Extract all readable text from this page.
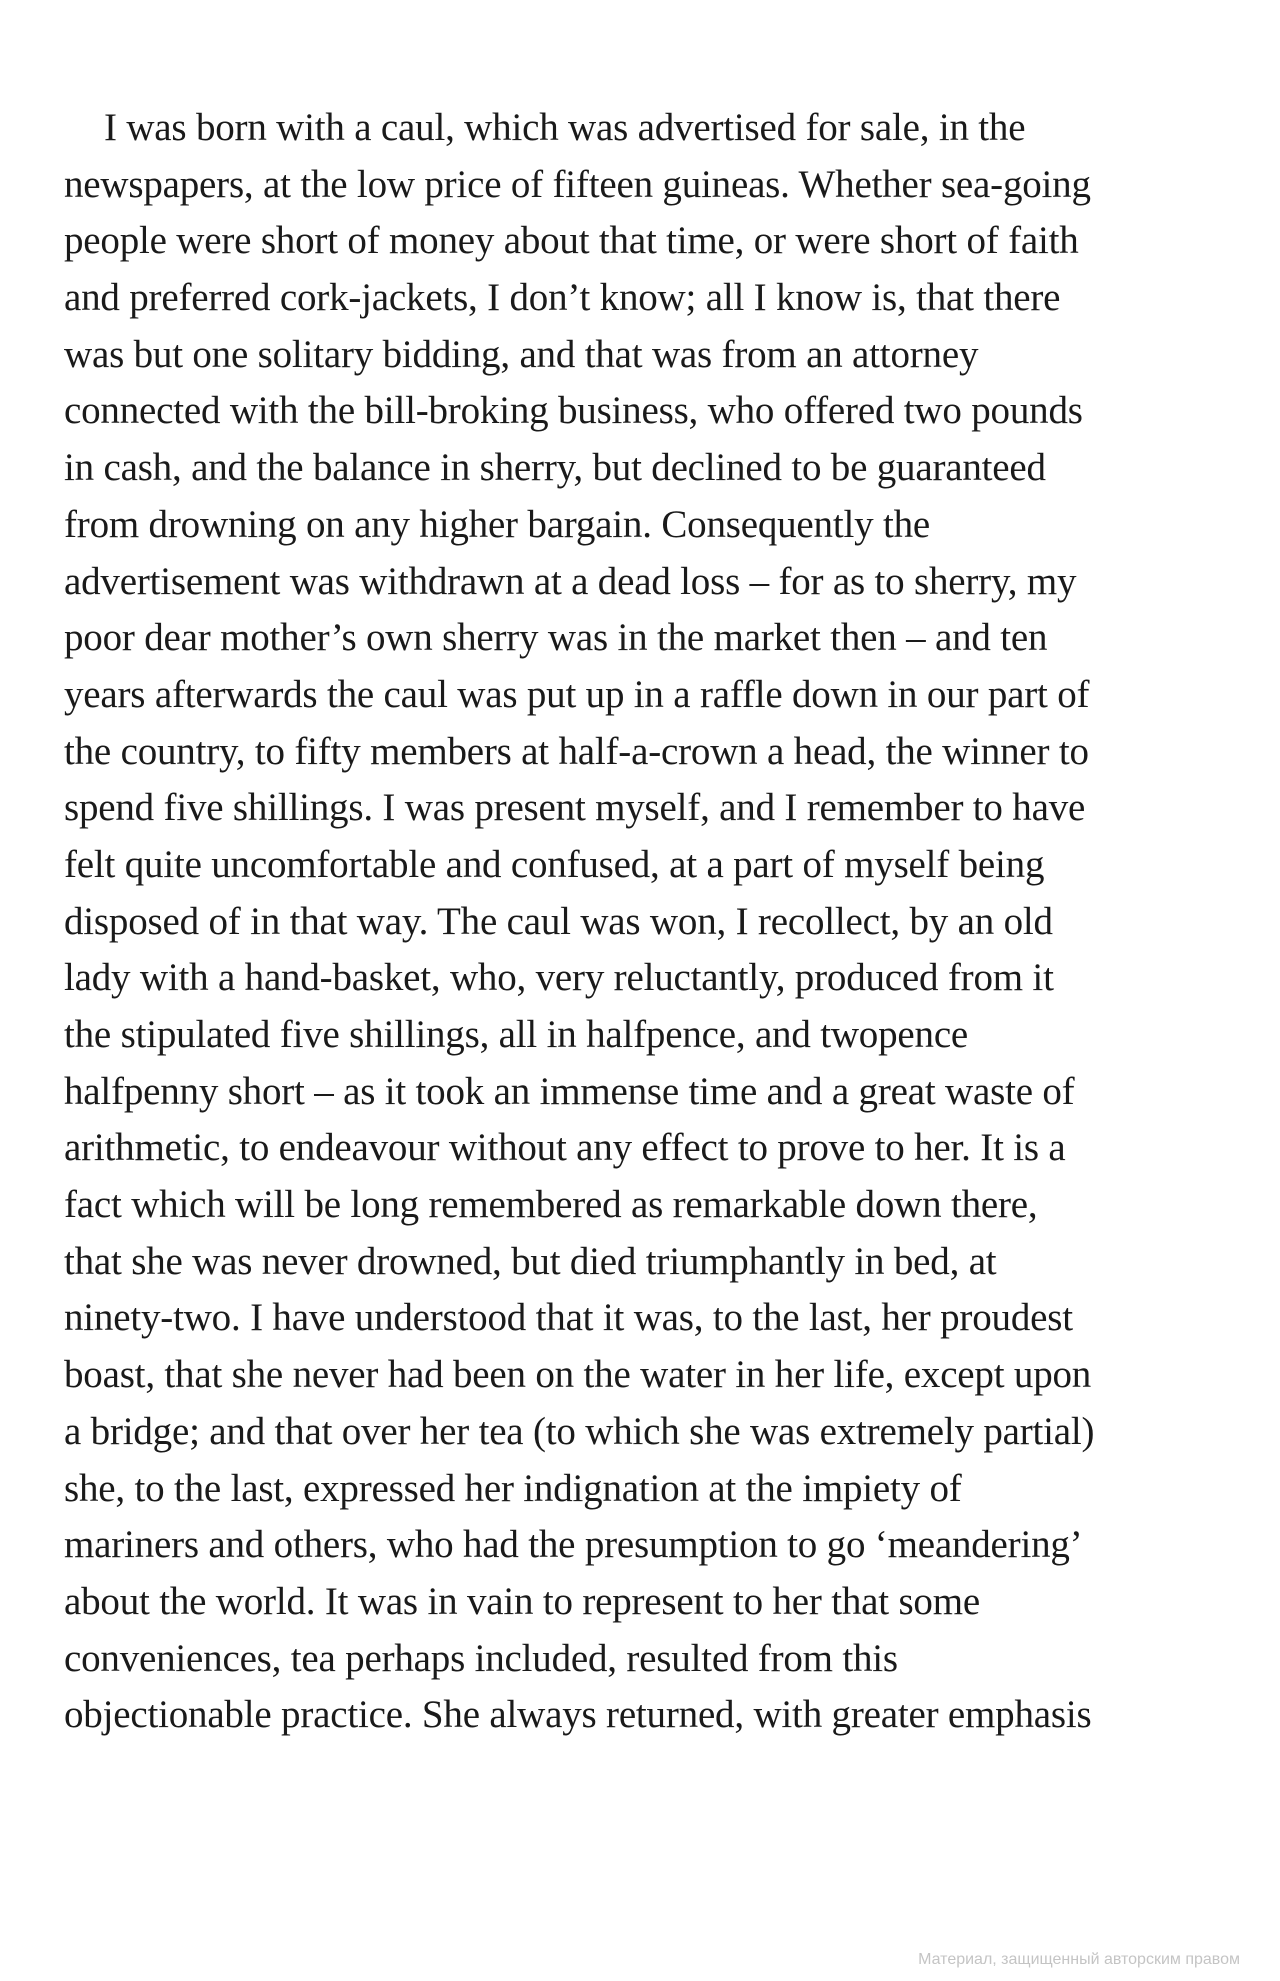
I was born with a caul, which was advertised for sale, in the
newspapers, at the low price of fifteen guineas. Whether sea-going
people were short of money about that time, or were short of faith
and preferred cork-jackets, I don’t know; all I know is, that there
was but one solitary bidding, and that was from an attorney
connected with the bill-broking business, who offered two pounds
in cash, and the balance in sherry, but declined to be guaranteed
from drowning on any higher bargain. Consequently the
advertisement was withdrawn at a dead loss – for as to sherry, my
poor dear mother’s own sherry was in the market then – and ten
years afterwards the caul was put up in a raffle down in our part of
the country, to fifty members at half-a-crown a head, the winner to
spend five shillings. I was present myself, and I remember to have
felt quite uncomfortable and confused, at a part of myself being
disposed of in that way. The caul was won, I recollect, by an old
lady with a hand-basket, who, very reluctantly, produced from it
the stipulated five shillings, all in halfpence, and twopence
halfpenny short – as it took an immense time and a great waste of
arithmetic, to endeavour without any effect to prove to her. It is a
fact which will be long remembered as remarkable down there,
that she was never drowned, but died triumphantly in bed, at
ninety-two. I have understood that it was, to the last, her proudest
boast, that she never had been on the water in her life, except upon
a bridge; and that over her tea (to which she was extremely partial)
she, to the last, expressed her indignation at the impiety of
mariners and others, who had the presumption to go ‘meandering’
about the world. It was in vain to represent to her that some
conveniences, tea perhaps included, resulted from this
objectionable practice. She always returned, with greater emphasis
Материал, защищенный авторским правом
